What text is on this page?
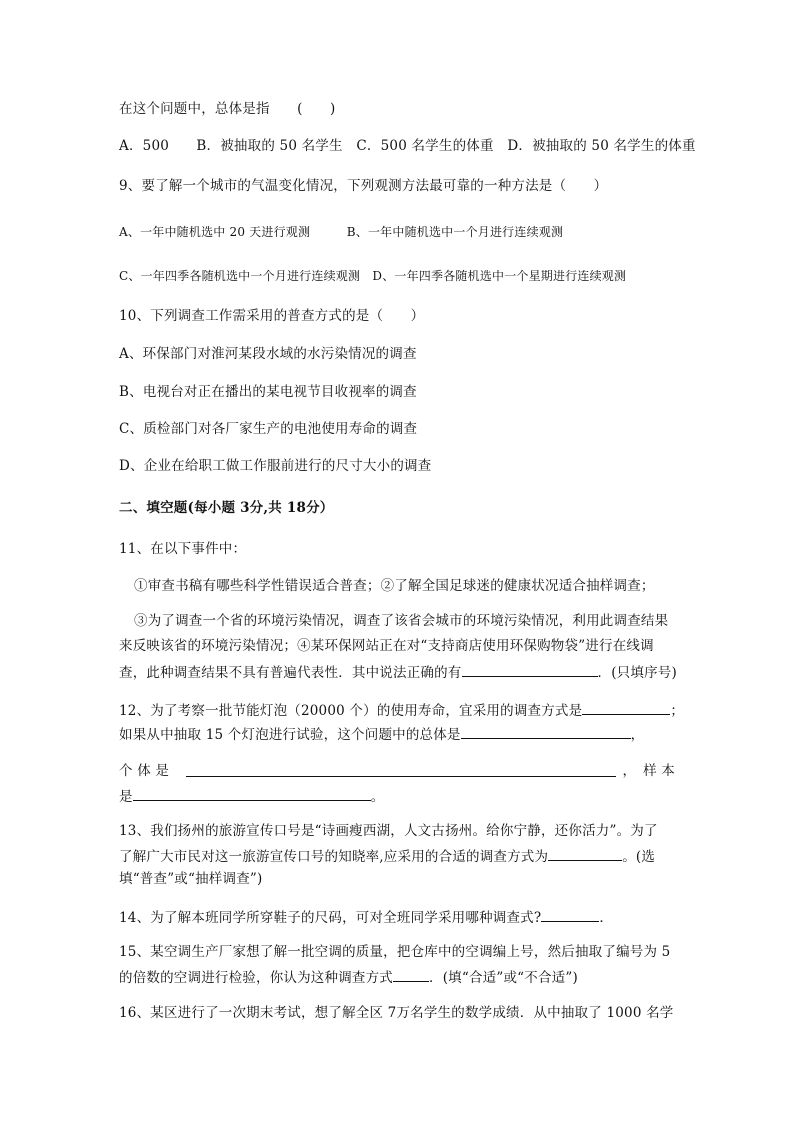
在这个问题中，总体是指　　(　　)
A．500　　B．被抽取的 50 名学生　C．500 名学生的体重　D．被抽取的 50 名学生的体重
9、要了解一个城市的气温变化情况，下列观测方法最可靠的一种方法是（　　）
A、一年中随机选中 20 天进行观测　　　B、一年中随机选中一个月进行连续观测
C、一年四季各随机选中一个月进行连续观测　D、一年四季各随机选中一个星期进行连续观测
10、下列调查工作需采用的普查方式的是（　　）
A、环保部门对淮河某段水域的水污染情况的调查
B、电视台对正在播出的某电视节目收视率的调查
C、质检部门对各厂家生产的电池使用寿命的调查
D、企业在给职工做工作服前进行的尺寸大小的调查
二、填空题(每小题 3分,共 18分）
11、在以下事件中：
①审查书稿有哪些科学性错误适合普查；②了解全国足球迷的健康状况适合抽样调查；
③为了调查一个省的环境污染情况，调查了该省会城市的环境污染情况，利用此调查结果
来反映该省的环境污染情况；④某环保网站正在对“支持商店使用环保购物袋”进行在线调
查，此种调查结果不具有普遍代表性．其中说法正确的有	．(只填序号)
12、为了考察一批节能灯泡（20000 个）的使用寿命，宜采用的调查方式是	；
如果从中抽取 15 个灯泡进行试验，这个问题中的总体是	，
个 体 是	，　样 本
是	。
13、我们扬州的旅游宣传口号是“诗画瘦西湖，人文古扬州。给你宁静，还你活力”。为了
了解广大市民对这一旅游宣传口号的知晓率,应采用的合适的调查方式为	。(选
填“普查”或“抽样调查”)
14、为了解本班同学所穿鞋子的尺码，可对全班同学采用哪种调查式?	．
15、某空调生产厂家想了解一批空调的质量，把仓库中的空调编上号，然后抽取了编号为 5
的倍数的空调进行检验，你认为这种调查方式	．(填“合适”或“不合适”)
16、某区进行了一次期末考试，想了解全区 7万名学生的数学成绩．从中抽取了 1000 名学
